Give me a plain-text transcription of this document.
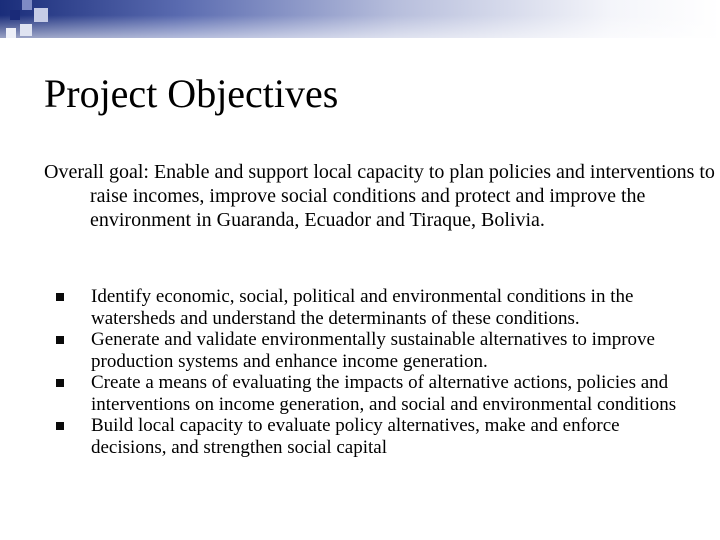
Project Objectives
Overall goal: Enable and support local capacity to plan policies and interventions to raise incomes, improve social conditions and protect and improve the environment in Guaranda, Ecuador and Tiraque, Bolivia.
Identify economic, social, political and environmental conditions in the watersheds and understand the determinants of these conditions.
Generate and validate environmentally sustainable alternatives to improve production systems and enhance income generation.
Create a means of evaluating the impacts of alternative actions, policies and interventions on income generation, and social and environmental conditions
Build local capacity to evaluate policy alternatives, make and enforce decisions, and strengthen social capital
